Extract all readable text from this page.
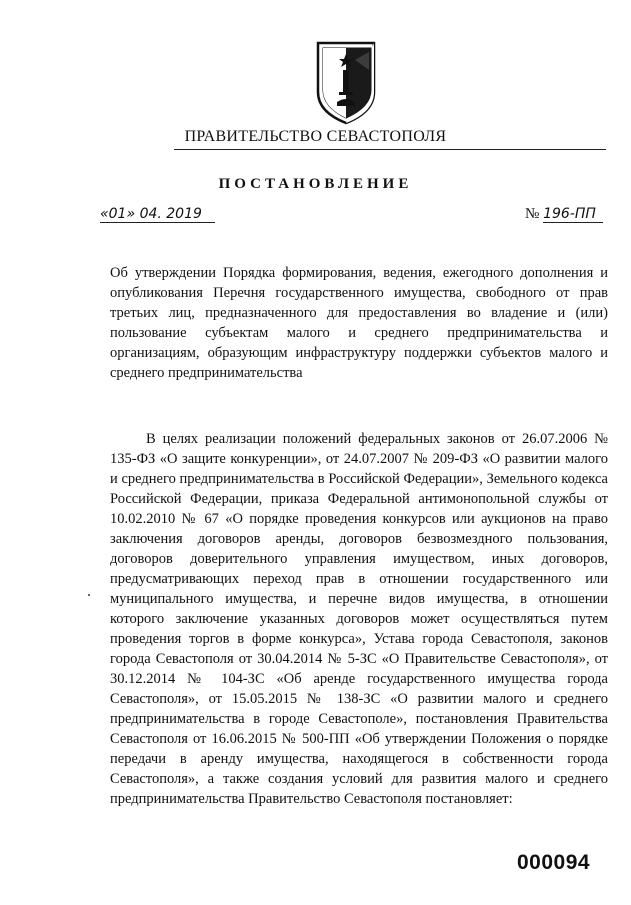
ПРАВИТЕЛЬСТВО СЕВАСТОПОЛЯ
ПОСТАНОВЛЕНИЕ
«01» 04. 2019	№ 196-ПП

Об утверждении Порядка формирования, ведения, ежегодного дополнения и опубликования Перечня государственного имущества, свободного от прав третьих лиц, предназначенного для предоставления во владение и (или) пользование субъектам малого и среднего предпринимательства и организациям, образующим инфраструктуру поддержки субъектов малого и среднего предпринимательства

В целях реализации положений федеральных законов от 26.07.2006 № 135-ФЗ «О защите конкуренции», от 24.07.2007 № 209-ФЗ «О развитии малого и среднего предпринимательства в Российской Федерации», Земельного кодекса Российской Федерации, приказа Федеральной антимонопольной службы от 10.02.2010 № 67 «О порядке проведения конкурсов или аукционов на право заключения договоров аренды, договоров безвозмездного пользования, договоров доверительного управления имуществом, иных договоров, предусматривающих переход прав в отношении государственного или муниципального имущества, и перечне видов имущества, в отношении которого заключение указанных договоров может осуществляться путем проведения торгов в форме конкурса», Устава города Севастополя, законов города Севастополя от 30.04.2014 № 5-ЗС «О Правительстве Севастополя», от 30.12.2014 № 104-ЗС «Об аренде государственного имущества города Севастополя», от 15.05.2015 № 138-ЗС «О развитии малого и среднего предпринимательства в городе Севастополе», постановления Правительства Севастополя от 16.06.2015 № 500-ПП «Об утверждении Положения о порядке передачи в аренду имущества, находящегося в собственности города Севастополя», а также создания условий для развития малого и среднего предпринимательства Правительство Севастополя постановляет:

000094
